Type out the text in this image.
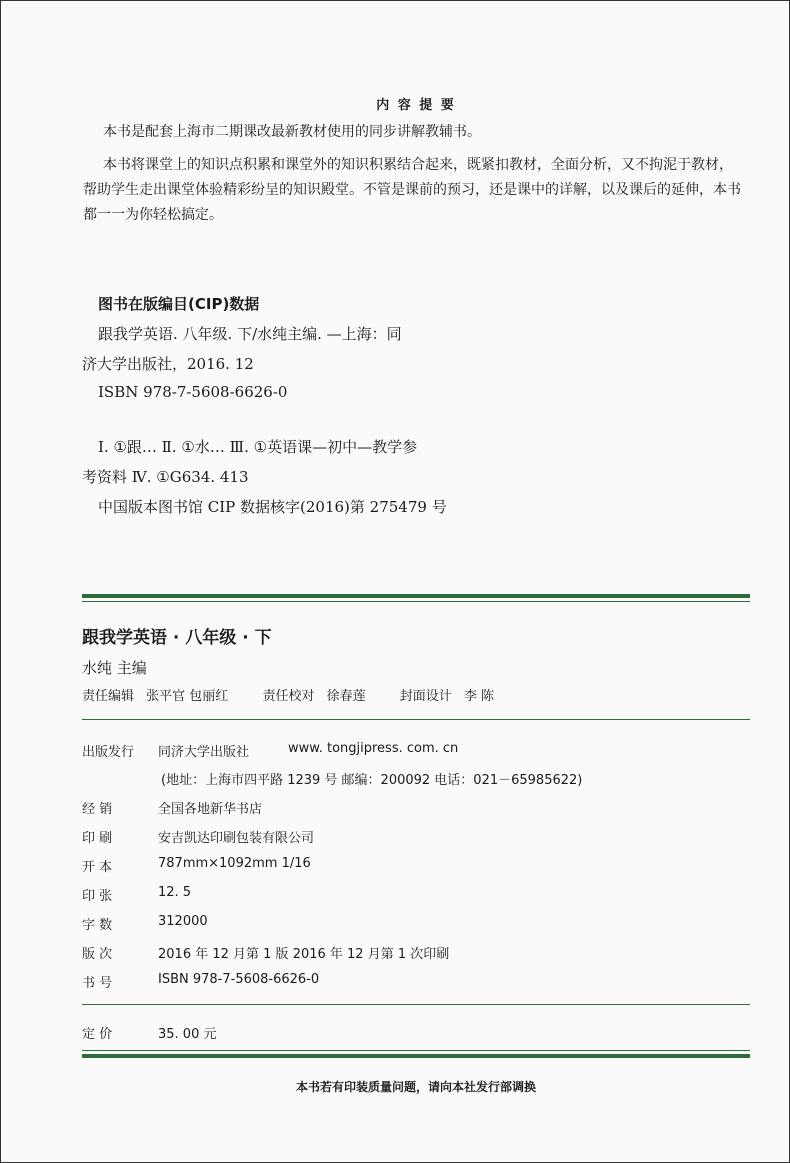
内 容 提 要
本书是配套上海市二期课改最新教材使用的同步讲解教辅书。
本书将课堂上的知识点积累和课堂外的知识积累结合起来，既紧扣教材，全面分析，又不拘泥于教材，
帮助学生走出课堂体验精彩纷呈的知识殿堂。不管是课前的预习，还是课中的详解，以及课后的延伸，本书
都一一为你轻松搞定。
图书在版编目(CIP)数据
跟我学英语. 八年级. 下/水纯主编. —上海：同
济大学出版社，2016. 12
ISBN 978-7-5608-6626-0
Ⅰ. ①跟… Ⅱ. ①水… Ⅲ. ①英语课—初中—教学参
考资料 Ⅳ. ①G634. 413
中国版本图书馆 CIP 数据核字(2016)第 275479 号
跟我学英语 · 八年级 · 下
水纯 主编
责任编辑 张平官 包丽红	责任校对 徐春莲	封面设计 李 陈
出版发行 同济大学出版社	www. tongjipress. com. cn
(地址：上海市四平路 1239 号 邮编：200092 电话：021－65985622)
经 销	全国各地新华书店
印 刷	安吉凯达印刷包装有限公司
开 本	787mm×1092mm 1/16
印 张	12. 5
字 数	312000
版 次	2016 年 12 月第 1 版 2016 年 12 月第 1 次印刷
书 号	ISBN 978-7-5608-6626-0
定 价	35. 00 元
本书若有印装质量问题，请向本社发行部调换
